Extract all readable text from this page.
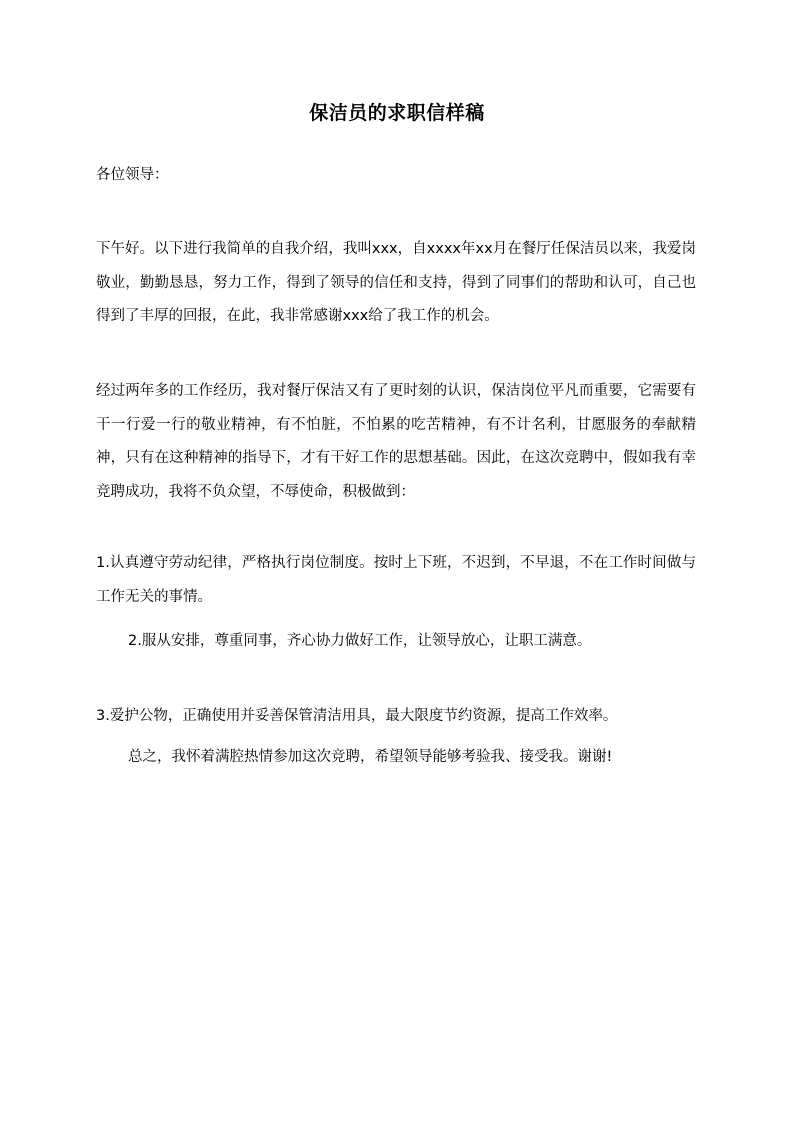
保洁员的求职信样稿

各位领导：

下午好。以下进行我简单的自我介绍，我叫xxx，自xxxx年xx月在餐厅任保洁员以来，我爱岗敬业，勤勤恳恳，努力工作，得到了领导的信任和支持，得到了同事们的帮助和认可，自己也得到了丰厚的回报，在此，我非常感谢xxx给了我工作的机会。

经过两年多的工作经历，我对餐厅保洁又有了更时刻的认识，保洁岗位平凡而重要，它需要有干一行爱一行的敬业精神，有不怕脏，不怕累的吃苦精神，有不计名利，甘愿服务的奉献精神，只有在这种精神的指导下，才有干好工作的思想基础。因此，在这次竞聘中，假如我有幸竞聘成功，我将不负众望，不辱使命，积极做到：

1.认真遵守劳动纪律，严格执行岗位制度。按时上下班，不迟到，不早退，不在工作时间做与工作无关的事情。

2.服从安排，尊重同事，齐心协力做好工作，让领导放心，让职工满意。

3.爱护公物，正确使用并妥善保管清洁用具，最大限度节约资源，提高工作效率。

总之，我怀着满腔热情参加这次竞聘，希望领导能够考验我、接受我。谢谢!
